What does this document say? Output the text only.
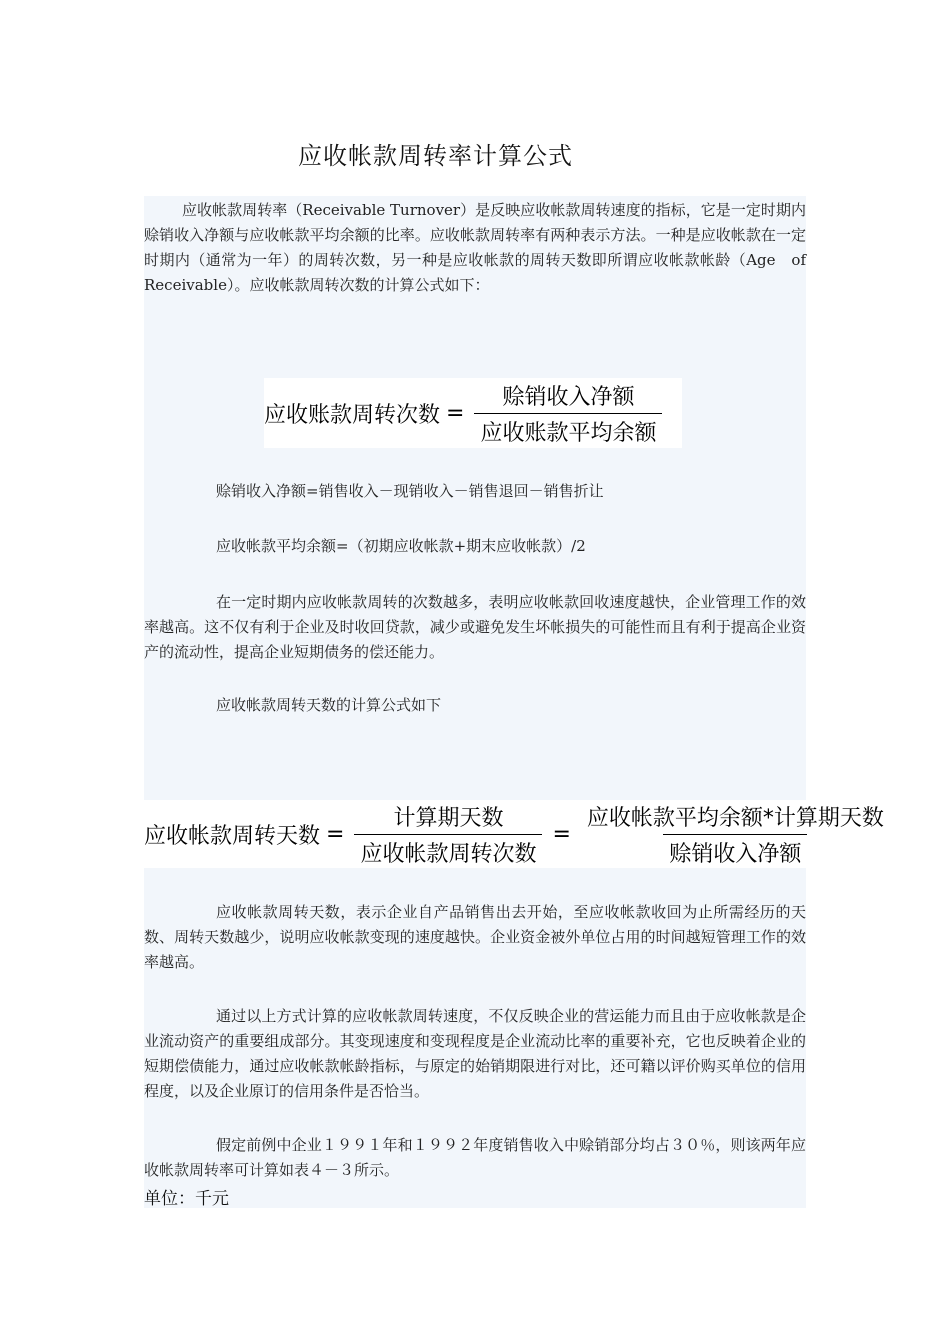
应收帐款周转率计算公式

应收帐款周转率（Receivable Turnover）是反映应收帐款周转速度的指标，它是一定时期内赊销收入净额与应收帐款平均余额的比率。应收帐款周转率有两种表示方法。一种是应收帐款在一定时期内（通常为一年）的周转次数，另一种是应收帐款的周转天数即所谓应收帐款帐龄（Age　of Receivable）。应收帐款周转次数的计算公式如下：

应收账款周转次数 = $\frac{\text{赊销收入净额}}{\text{应收账款平均余额}}$

赊销收入净额=销售收入－现销收入－销售退回－销售折让

应收帐款平均余额=（初期应收帐款+期末应收帐款）/2

在一定时期内应收帐款周转的次数越多，表明应收帐款回收速度越快，企业管理工作的效率越高。这不仅有利于企业及时收回贷款，减少或避免发生坏帐损失的可能性而且有利于提高企业资产的流动性，提高企业短期债务的偿还能力。

应收帐款周转天数的计算公式如下

应收帐款周转天数 = $\frac{\text{计算期天数}}{\text{应收帐款周转次数}} = \frac{\text{应收帐款平均余额*计算期天数}}{\text{赊销收入净额}}$

应收帐款周转天数，表示企业自产品销售出去开始，至应收帐款收回为止所需经历的天数、周转天数越少，说明应收帐款变现的速度越快。企业资金被外单位占用的时间越短管理工作的效率越高。

通过以上方式计算的应收帐款周转速度，不仅反映企业的营运能力而且由于应收帐款是企业流动资产的重要组成部分。其变现速度和变现程度是企业流动比率的重要补充，它也反映着企业的短期偿债能力，通过应收帐款帐龄指标，与原定的始销期限进行对比，还可籍以评价购买单位的信用程度，以及企业原订的信用条件是否恰当。

假定前例中企业１９９１年和１９９２年度销售收入中赊销部分均占３０％，则该两年应收帐款周转率可计算如表４－３所示。

单位：千元
